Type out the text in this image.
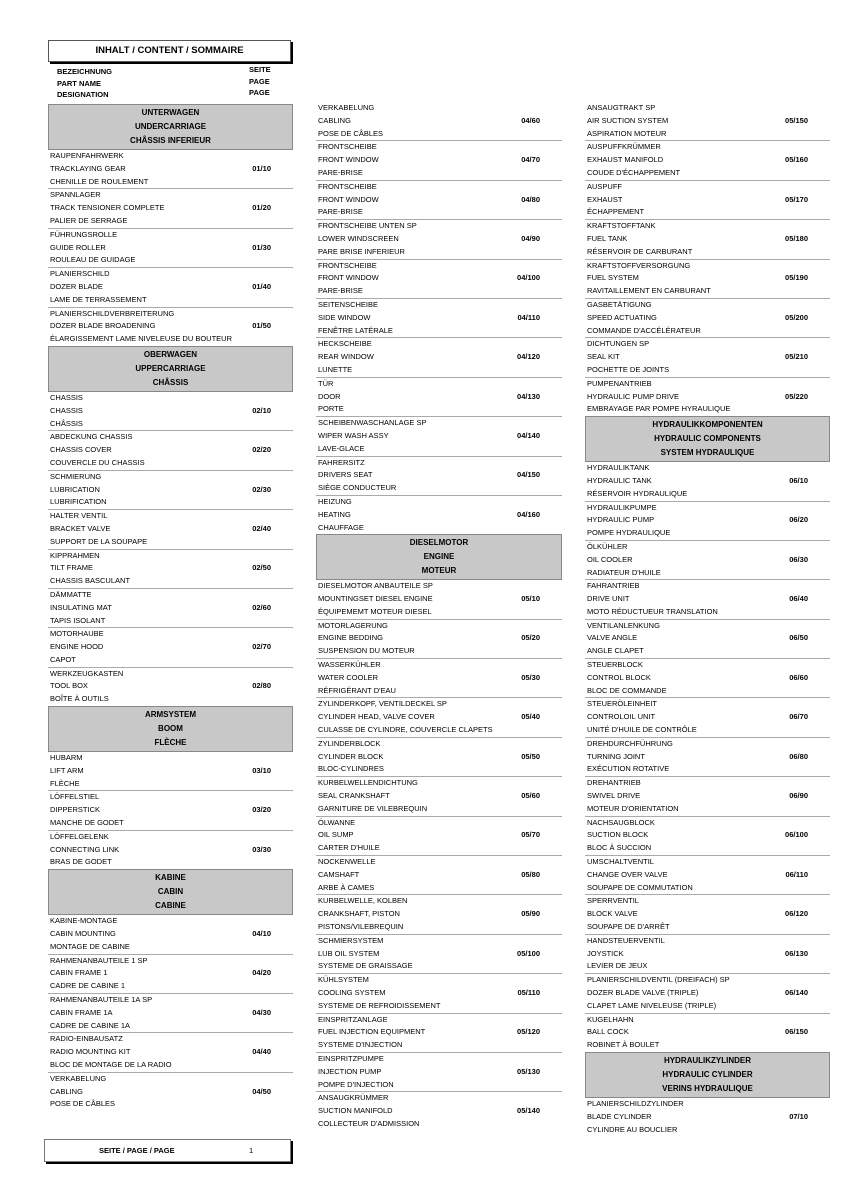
INHALT / CONTENT / SOMMAIRE
BEZEICHNUNG
PART NAME
DESIGNATION
SEITE
PAGE
PAGE
UNTERWAGEN
UNDERCARRIAGE
CHÂSSIS INFERIEUR
RAUPENFAHRWERK
TRACKLAYING GEAR
CHENILLE DE ROULEMENT
01/10
SPANNLAGER
TRACK TENSIONER COMPLETE
PALIER DE SERRAGE
01/20
FÜHRUNGSROLLE
GUIDE ROLLER
ROULEAU DE GUIDAGE
01/30
PLANIERSCHILD
DOZER BLADE
LAME DE TERRASSEMENT
01/40
PLANIERSCHILDVERBREITERUNG
DOZER BLADE BROADENING
ÉLARGISSEMENT LAME NIVELEUSE DU BOUTEUR
01/50
OBERWAGEN
UPPERCARRIAGE
CHÂSSIS
CHASSIS
CHASSIS
CHÂSSIS
02/10
ABDECKUNG CHASSIS
CHASSIS COVER
COUVERCLE DU CHASSIS
02/20
SCHMIERUNG
LUBRICATION
LUBRIFICATION
02/30
HALTER VENTIL
BRACKET VALVE
SUPPORT DE LA SOUPAPE
02/40
KIPPRAHMEN
TILT FRAME
CHASSIS BASCULANT
02/50
DÄMMATTE
INSULATING MAT
TAPIS ISOLANT
02/60
MOTORHAUBE
ENGINE HOOD
CAPOT
02/70
WERKZEUGKASTEN
TOOL BOX
BOÎTE À OUTILS
02/80
ARMSYSTEM
BOOM
FLÈCHE
HUBARM
LIFT ARM
FLÈCHE
03/10
LÖFFELSTIEL
DIPPERSTICK
MANCHE DE GODET
03/20
LÖFFELGELENK
CONNECTING LINK
BRAS DE GODET
03/30
KABINE
CABIN
CABINE
KABINE-MONTAGE
CABIN MOUNTING
MONTAGE DE CABINE
04/10
RAHMENANBAUTEILE 1 SP
CABIN FRAME 1
CADRE DE CABINE 1
04/20
RAHMENANBAUTEILE 1A SP
CABIN FRAME 1A
CADRE DE CABINE 1A
04/30
RADIO-EINBAUSATZ
RADIO MOUNTING KIT
BLOC DE MONTAGE DE LA RADIO
04/40
VERKABELUNG
CABLING
POSE DE CÂBLES
04/50
VERKABELUNG
CABLING
POSE DE CÂBLES
04/60
FRONTSCHEIBE
FRONT WINDOW
PARE-BRISE
04/70
FRONTSCHEIBE
FRONT WINDOW
PARE-BRISE
04/80
FRONTSCHEIBE UNTEN SP
LOWER WINDSCREEN
PARE BRISE INFERIEUR
04/90
FRONTSCHEIBE
FRONT WINDOW
PARE-BRISE
04/100
SEITENSCHEIBE
SIDE WINDOW
FENÊTRE LATÉRALE
04/110
HECKSCHEIBE
REAR WINDOW
LUNETTE
04/120
TÜR
DOOR
PORTE
04/130
SCHEIBENWASCHANLAGE SP
WIPER WASH ASSY
LAVE-GLACE
04/140
FAHRERSITZ
DRIVERS SEAT
SIÈGE CONDUCTEUR
04/150
HEIZUNG
HEATING
CHAUFFAGE
04/160
DIESELMOTOR
ENGINE
MOTEUR
DIESELMOTOR ANBAUTEILE SP
MOUNTINGSET DIESEL ENGINE
ÉQUIPEMEMT MOTEUR DIESEL
05/10
MOTORLAGERUNG
ENGINE BEDDING
SUSPENSION DU MOTEUR
05/20
WASSERKÜHLER
WATER COOLER
RÉFRIGÉRANT D'EAU
05/30
ZYLINDERKOPF, VENTILDECKEL SP
CYLINDER HEAD, VALVE COVER
CULASSE DE CYLINDRE, COUVERCLE CLAPETS
05/40
ZYLINDERBLOCK
CYLINDER BLOCK
BLOC-CYLINDRES
05/50
KURBELWELLENDICHTUNG
SEAL CRANKSHAFT
GARNITURE DE VILEBREQUIN
05/60
ÖLWANNE
OIL SUMP
CARTER D'HUILE
05/70
NOCKENWELLE
CAMSHAFT
ARBE À CAMES
05/80
KURBELWELLE, KOLBEN
CRANKSHAFT, PISTON
PISTONS/VILEBREQUIN
05/90
SCHMIERSYSTEM
LUB OIL SYSTEM
SYSTEME DE GRAISSAGE
05/100
KÜHLSYSTEM
COOLING SYSTEM
SYSTEME DE REFROIDISSEMENT
05/110
EINSPRITZANLAGE
FUEL INJECTION EQUIPMENT
SYSTEME D'INJECTION
05/120
EINSPRITZPUMPE
INJECTION PUMP
POMPE D'INJECTION
05/130
ANSAUGKRÜMMER
SUCTION MANIFOLD
COLLECTEUR D'ADMISSION
05/140
ANSAUGTRAKT SP
AIR SUCTION SYSTEM
ASPIRATION MOTEUR
05/150
AUSPUFFKRÜMMER
EXHAUST MANIFOLD
COUDE D'ÉCHAPPEMENT
05/160
AUSPUFF
EXHAUST
ÉCHAPPEMENT
05/170
KRAFTSTOFFTANK
FUEL TANK
RÉSERVOIR DE CARBURANT
05/180
KRAFTSTOFFVERSORGUNG
FUEL SYSTEM
RAVITAILLEMENT EN CARBURANT
05/190
GASBETÄTIGUNG
SPEED ACTUATING
COMMANDE D'ACCÉLÉRATEUR
05/200
DICHTUNGEN SP
SEAL KIT
POCHETTE DE JOINTS
05/210
PUMPENANTRIEB
HYDRAULIC PUMP DRIVE
EMBRAYAGE PAR POMPE HYRAULIQUE
05/220
HYDRAULIKKOMPONENTEN
HYDRAULIC COMPONENTS
SYSTEM HYDRAULIQUE
HYDRAULIKTANK
HYDRAULIC TANK
RÉSERVOIR HYDRAULIQUE
06/10
HYDRAULIKPUMPE
HYDRAULIC PUMP
POMPE HYDRAULIQUE
06/20
ÖLKÜHLER
OIL COOLER
RADIATEUR D'HUILE
06/30
FAHRANTRIEB
DRIVE UNIT
MOTO RÉDUCTUEUR TRANSLATION
06/40
VENTILANLENKUNG
VALVE ANGLE
ANGLE CLAPET
06/50
STEUERBLOCK
CONTROL BLOCK
BLOC DE COMMANDE
06/60
STEUERÖLEINHEIT
CONTROLOIL UNIT
UNITÉ D'HUILE DE CONTRÔLE
06/70
DREHDURCHFÜHRUNG
TURNING JOINT
EXÉCUTION ROTATIVE
06/80
DREHANTRIEB
SWIVEL DRIVE
MOTEUR D'ORIENTATION
06/90
NACHSAUGBLOCK
SUCTION BLOCK
BLOC À SUCCION
06/100
UMSCHALTVENTIL
CHANGE OVER VALVE
SOUPAPE DE COMMUTATION
06/110
SPERRVENTIL
BLOCK VALVE
SOUPAPE DE D'ARRÊT
06/120
HANDSTEUERVENTIL
JOYSTICK
LEVIER DE JEUX
06/130
PLANIERSCHILDVENTIL (DREIFACH) SP
DOZER BLADE VALVE (TRIPLE)
CLAPET LAME NIVELEUSE (TRIPLE)
06/140
KUGELHAHN
BALL COCK
ROBINET À BOULET
06/150
HYDRAULIKZYLINDER
HYDRAULIC CYLINDER
VERINS HYDRAULIQUE
PLANIERSCHILDZYLINDER
BLADE CYLINDER
CYLINDRE AU BOUCLIER
07/10
SEITE / PAGE / PAGE	1
